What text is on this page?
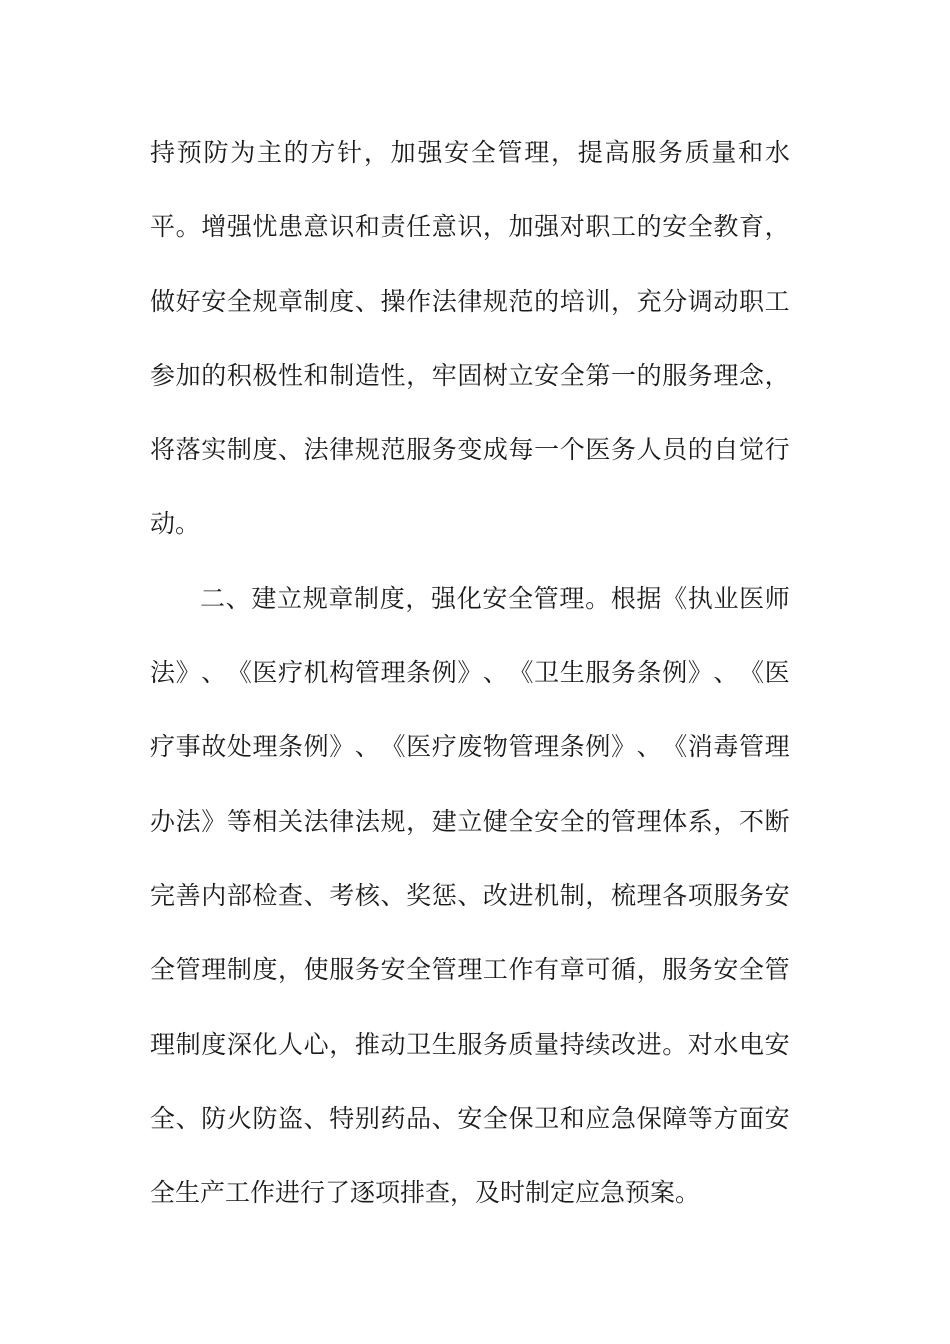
持 预 防 为 主 的 方 针 ， 加 强 安 全 管 理 ， 提 高 服 务 质 量 和 水
平 。 增 强 忧 患 意 识 和 责 任 意 识 ， 加 强 对 职 工 的 安 全 教 育 ，
做 好 安 全 规 章 制 度 、 操 作 法 律 规 范 的 培 训 ， 充 分 调 动 职 工
参 加 的 积 极 性 和 制 造 性 ， 牢 固 树 立 安 全 第 一 的 服 务 理 念 ，
将 落 实 制 度 、 法 律 规 范 服 务 变 成 每 一 个 医 务 人 员 的 自 觉 行
动。
二 、 建 立 规 章 制 度 ， 强 化 安 全 管 理 。 根 据 《 执 业 医 师
法 》 、 《 医 疗 机 构 管 理 条 例 》 、 《 卫 生 服 务 条 例 》 、 《 医
疗 事 故 处 理 条 例 》 、 《 医 疗 废 物 管 理 条 例 》 、 《 消 毒 管 理
办 法 》 等 相 关 法 律 法 规 ， 建 立 健 全 安 全 的 管 理 体 系 ， 不 断
完 善 内 部 检 查 、 考 核 、 奖 惩 、 改 进 机 制 ， 梳 理 各 项 服 务 安
全 管 理 制 度 ， 使 服 务 安 全 管 理 工 作 有 章 可 循 ， 服 务 安 全 管
理 制 度 深 化 人 心 ， 推 动 卫 生 服 务 质 量 持 续 改 进 。 对 水 电 安
全 、 防 火 防 盗 、 特 别 药 品 、 安 全 保 卫 和 应 急 保 障 等 方 面 安
全生产工作进行了逐项排查，及时制定应急预案。
